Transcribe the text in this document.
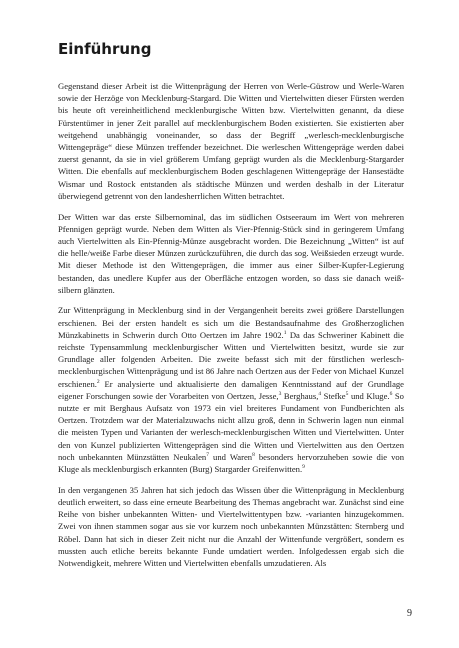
Einführung

Gegenstand dieser Arbeit ist die Wittenprägung der Herren von Werle-Güstrow und Werle-Waren sowie der Herzöge von Mecklenburg-Stargard. Die Witten und Viertelwitten dieser Fürsten werden bis heute oft vereinheitlichend mecklenburgische Witten bzw. Viertelwitten genannt, da diese Fürstentümer in jener Zeit parallel auf mecklenburgischem Boden existierten. Sie existierten aber weitgehend unabhängig voneinander, so dass der Begriff „werlesch-mecklenburgische Wittengepräge“ diese Münzen treffender bezeichnet. Die werleschen Wittengepräge werden dabei zuerst genannt, da sie in viel größerem Umfang geprägt wurden als die Mecklenburg-Stargarder Witten. Die ebenfalls auf mecklenburgischem Boden geschlagenen Wittengepräge der Hansestädte Wismar und Rostock entstanden als städtische Münzen und werden deshalb in der Literatur überwiegend getrennt von den landesherrlichen Witten betrachtet.

Der Witten war das erste Silbernominal, das im südlichen Ostseeraum im Wert von mehreren Pfennigen geprägt wurde. Neben dem Witten als Vier-Pfennig-Stück sind in geringerem Umfang auch Viertelwitten als Ein-Pfennig-Münze ausgebracht worden. Die Bezeichnung „Witten“ ist auf die helle/weiße Farbe dieser Münzen zurückzuführen, die durch das sog. Weißsieden erzeugt wurde. Mit dieser Methode ist den Wittengeprägen, die immer aus einer Silber-Kupfer-Legierung bestanden, das unedlere Kupfer aus der Oberfläche entzogen worden, so dass sie danach weiß-silbern glänzten.

Zur Wittenprägung in Mecklenburg sind in der Vergangenheit bereits zwei größere Darstellungen erschienen. Bei der ersten handelt es sich um die Bestandsaufnahme des Großherzoglichen Münzkabinetts in Schwerin durch Otto Oertzen im Jahre 1902.$^1$ Da das Schweriner Kabinett die reichste Typensammlung mecklenburgischer Witten und Viertelwitten besitzt, wurde sie zur Grundlage aller folgenden Arbeiten. Die zweite befasst sich mit der fürstlichen werlesch-mecklenburgischen Wittenprägung und ist 86 Jahre nach Oertzen aus der Feder von Michael Kunzel erschienen.$^2$ Er analysierte und aktualisierte den damaligen Kenntnisstand auf der Grundlage eigener Forschungen sowie der Vorarbeiten von Oertzen, Jesse,$^3$ Berghaus,$^4$ Stefke$^5$ und Kluge.$^6$ So nutzte er mit Berghaus Aufsatz von 1973 ein viel breiteres Fundament von Fundberichten als Oertzen. Trotzdem war der Materialzuwachs nicht allzu groß, denn in Schwerin lagen nun einmal die meisten Typen und Varianten der werlesch-mecklenburgischen Witten und Viertelwitten. Unter den von Kunzel publizierten Wittengeprägen sind die Witten und Viertelwitten aus den Oertzen noch unbekannten Münzstätten Neukalen$^7$ und Waren$^8$ besonders hervorzuheben sowie die von Kluge als mecklenburgisch erkannten (Burg) Stargarder Greifenwitten.$^9$

In den vergangenen 35 Jahren hat sich jedoch das Wissen über die Wittenprägung in Mecklenburg deutlich erweitert, so dass eine erneute Bearbeitung des Themas angebracht war. Zunächst sind eine Reihe von bisher unbekannten Witten- und Viertelwittentypen bzw. -varianten hinzugekommen. Zwei von ihnen stammen sogar aus sie vor kurzem noch unbekannten Münzstätten: Sternberg und Röbel. Dann hat sich in dieser Zeit nicht nur die Anzahl der Wittenfunde vergrößert, sondern es mussten auch etliche bereits bekannte Funde umdatiert werden. Infolgedessen ergab sich die Notwendigkeit, mehrere Witten und Viertelwitten ebenfalls umzudatieren. Als

9
